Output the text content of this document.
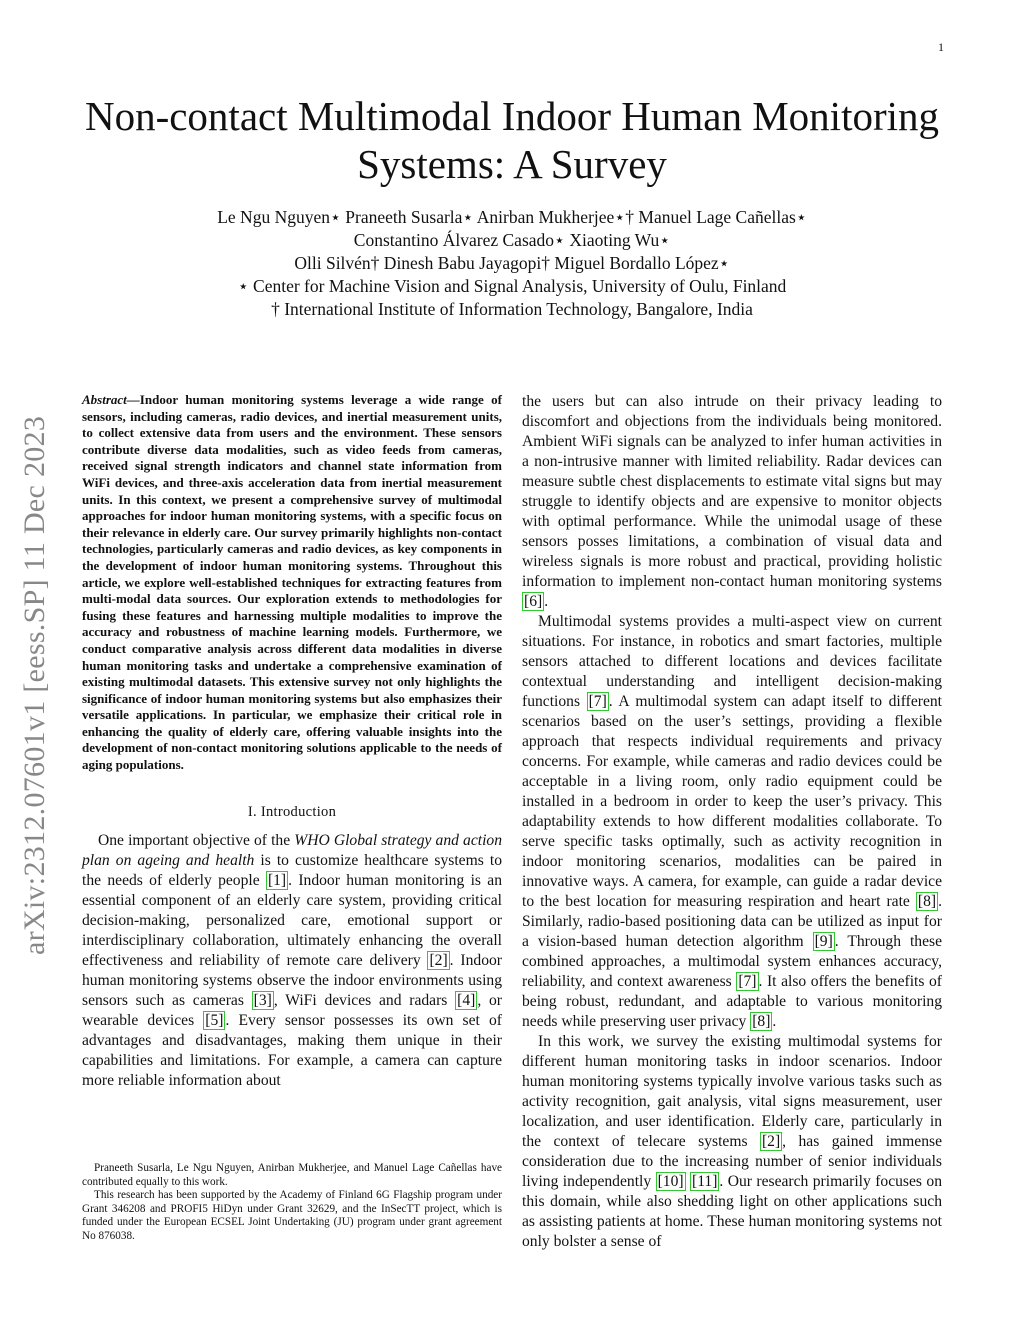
1
arXiv:2312.07601v1 [eess.SP] 11 Dec 2023
Non-contact Multimodal Indoor Human Monitoring
Systems: A Survey
Le Ngu Nguyen⋆ Praneeth Susarla⋆ Anirban Mukherjee⋆† Manuel Lage Cañellas⋆
Constantino Álvarez Casado⋆ Xiaoting Wu⋆
Olli Silvén† Dinesh Babu Jayagopi† Miguel Bordallo López⋆
⋆ Center for Machine Vision and Signal Analysis, University of Oulu, Finland
† International Institute of Information Technology, Bangalore, India
Abstract—Indoor human monitoring systems leverage a wide range of sensors, including cameras, radio devices, and inertial measurement units, to collect extensive data from users and the environment. These sensors contribute diverse data modalities, such as video feeds from cameras, received signal strength indicators and channel state information from WiFi devices, and three-axis acceleration data from inertial measurement units. In this context, we present a comprehensive survey of multimodal approaches for indoor human monitoring systems, with a specific focus on their relevance in elderly care. Our survey primarily highlights non-contact technologies, particularly cameras and radio devices, as key components in the development of indoor human monitoring systems. Throughout this article, we explore well-established techniques for extracting features from multi-modal data sources. Our exploration extends to methodologies for fusing these features and harnessing multiple modalities to improve the accuracy and robustness of machine learning models. Furthermore, we conduct comparative analysis across different data modalities in diverse human monitoring tasks and undertake a comprehensive examination of existing multimodal datasets. This extensive survey not only highlights the significance of indoor human monitoring systems but also emphasizes their versatile applications. In particular, we emphasize their critical role in enhancing the quality of elderly care, offering valuable insights into the development of non-contact monitoring solutions applicable to the needs of aging populations.
I. Introduction

One important objective of the WHO Global strategy and action plan on ageing and health is to customize healthcare systems to the needs of elderly people [1] . Indoor human monitoring is an essential component of an elderly care system, providing critical decision-making, personalized care, emotional support or interdisciplinary collaboration, ultimately enhancing the overall effectiveness and reliability of remote care delivery [2] . Indoor human monitoring systems observe the indoor environments using sensors such as cameras [3] , WiFi devices and radars [4] , or wearable devices [5] . Every sensor possesses its own set of advantages and disadvantages, making them unique in their capabilities and limitations. For example, a camera can capture more reliable information about

Praneeth Susarla, Le Ngu Nguyen, Anirban Mukherjee, and Manuel Lage Cañellas have contributed equally to this work.

This research has been supported by the Academy of Finland 6G Flagship program under Grant 346208 and PROFI5 HiDyn under Grant 32629, and the InSecTT project, which is funded under the European ECSEL Joint Undertaking (JU) program under grant agreement No 876038.

the users but can also intrude on their privacy leading to discomfort and objections from the individuals being monitored. Ambient WiFi signals can be analyzed to infer human activities in a non-intrusive manner with limited reliability. Radar devices can measure subtle chest displacements to estimate vital signs but may struggle to identify objects and are expensive to monitor objects with optimal performance. While the unimodal usage of these sensors posses limitations, a combination of visual data and wireless signals is more robust and practical, providing holistic information to implement non-contact human monitoring systems [6] .

Multimodal systems provides a multi-aspect view on current situations. For instance, in robotics and smart factories, multiple sensors attached to different locations and devices facilitate contextual understanding and intelligent decision-making functions [7] . A multimodal system can adapt itself to different scenarios based on the user’s settings, providing a flexible approach that respects individual requirements and privacy concerns. For example, while cameras and radio devices could be acceptable in a living room, only radio equipment could be installed in a bedroom in order to keep the user’s privacy. This adaptability extends to how different modalities collaborate. To serve specific tasks optimally, such as activity recognition in indoor monitoring scenarios, modalities can be paired in innovative ways. A camera, for example, can guide a radar device to the best location for measuring respiration and heart rate [8] . Similarly, radio-based positioning data can be utilized as input for a vision-based human detection algorithm [9] . Through these combined approaches, a multimodal system enhances accuracy, reliability, and context awareness [7] . It also offers the benefits of being robust, redundant, and adaptable to various monitoring needs while preserving user privacy [8] .

In this work, we survey the existing multimodal systems for different human monitoring tasks in indoor scenarios. Indoor human monitoring systems typically involve various tasks such as activity recognition, gait analysis, vital signs measurement, user localization, and user identification. Elderly care, particularly in the context of telecare systems [2] , has gained immense consideration due to the increasing number of senior individuals living independently [10] [11] . Our research primarily focuses on this domain, while also shedding light on other applications such as assisting patients at home. These human monitoring systems not only bolster a sense of
